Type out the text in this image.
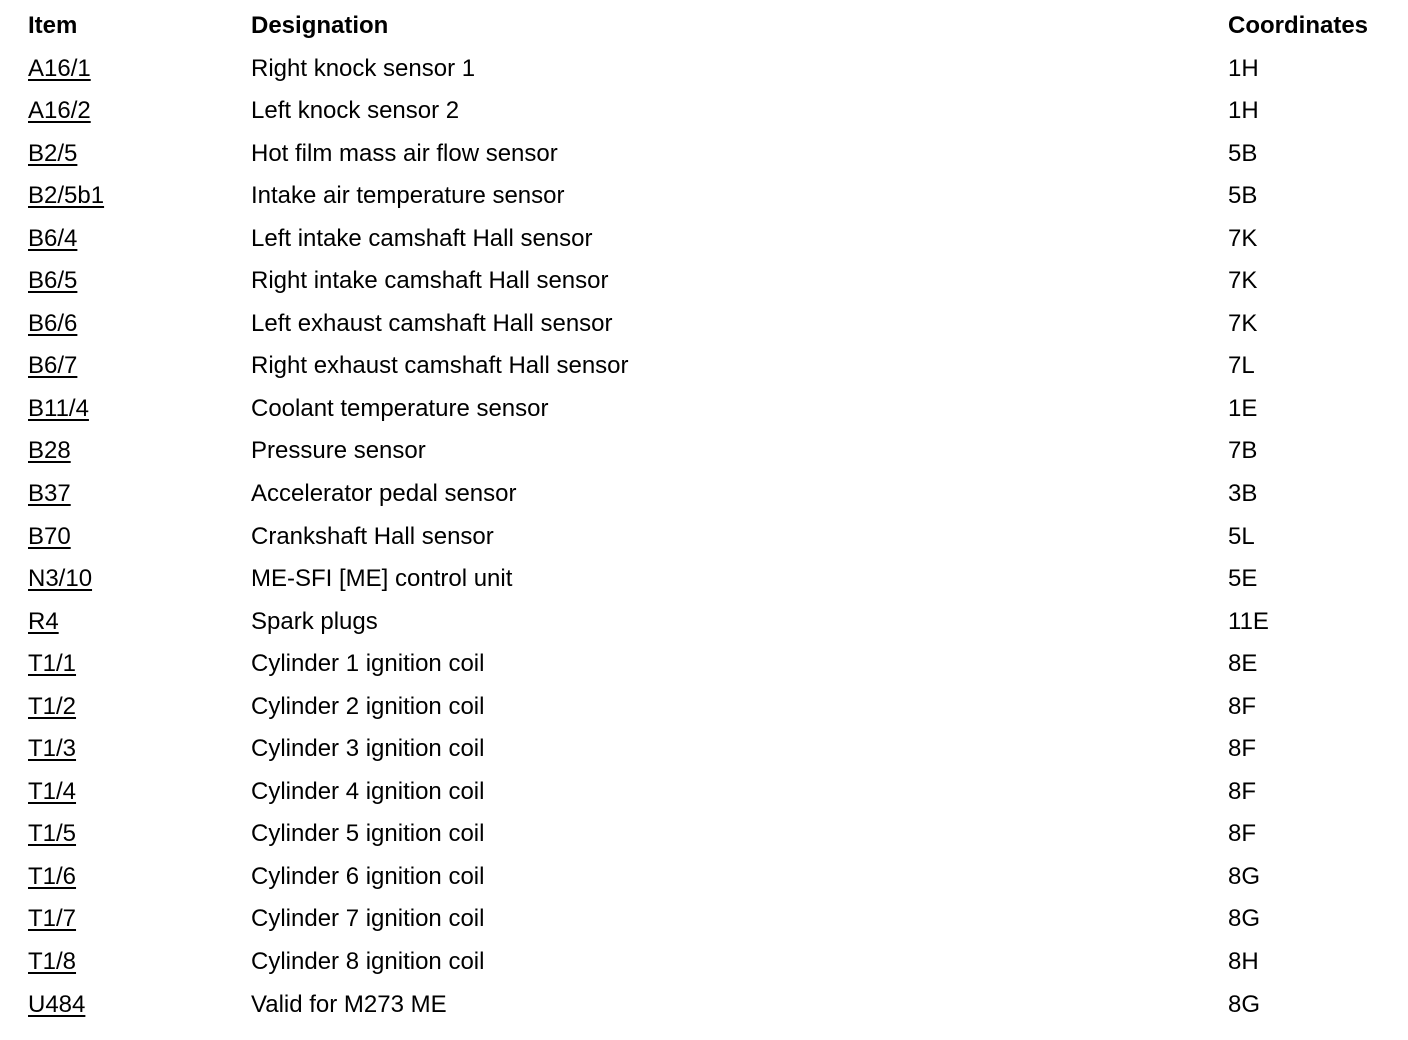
Item	Designation	Coordinates
A16/1	Right knock sensor 1	1H
A16/2	Left knock sensor 2	1H
B2/5	Hot film mass air flow sensor	5B
B2/5b1	Intake air temperature sensor	5B
B6/4	Left intake camshaft Hall sensor	7K
B6/5	Right intake camshaft Hall sensor	7K
B6/6	Left exhaust camshaft Hall sensor	7K
B6/7	Right exhaust camshaft Hall sensor	7L
B11/4	Coolant temperature sensor	1E
B28	Pressure sensor	7B
B37	Accelerator pedal sensor	3B
B70	Crankshaft Hall sensor	5L
N3/10	ME-SFI [ME] control unit	5E
R4	Spark plugs	11E
T1/1	Cylinder 1 ignition coil	8E
T1/2	Cylinder 2 ignition coil	8F
T1/3	Cylinder 3 ignition coil	8F
T1/4	Cylinder 4 ignition coil	8F
T1/5	Cylinder 5 ignition coil	8F
T1/6	Cylinder 6 ignition coil	8G
T1/7	Cylinder 7 ignition coil	8G
T1/8	Cylinder 8 ignition coil	8H
U484	Valid for M273 ME	8G
